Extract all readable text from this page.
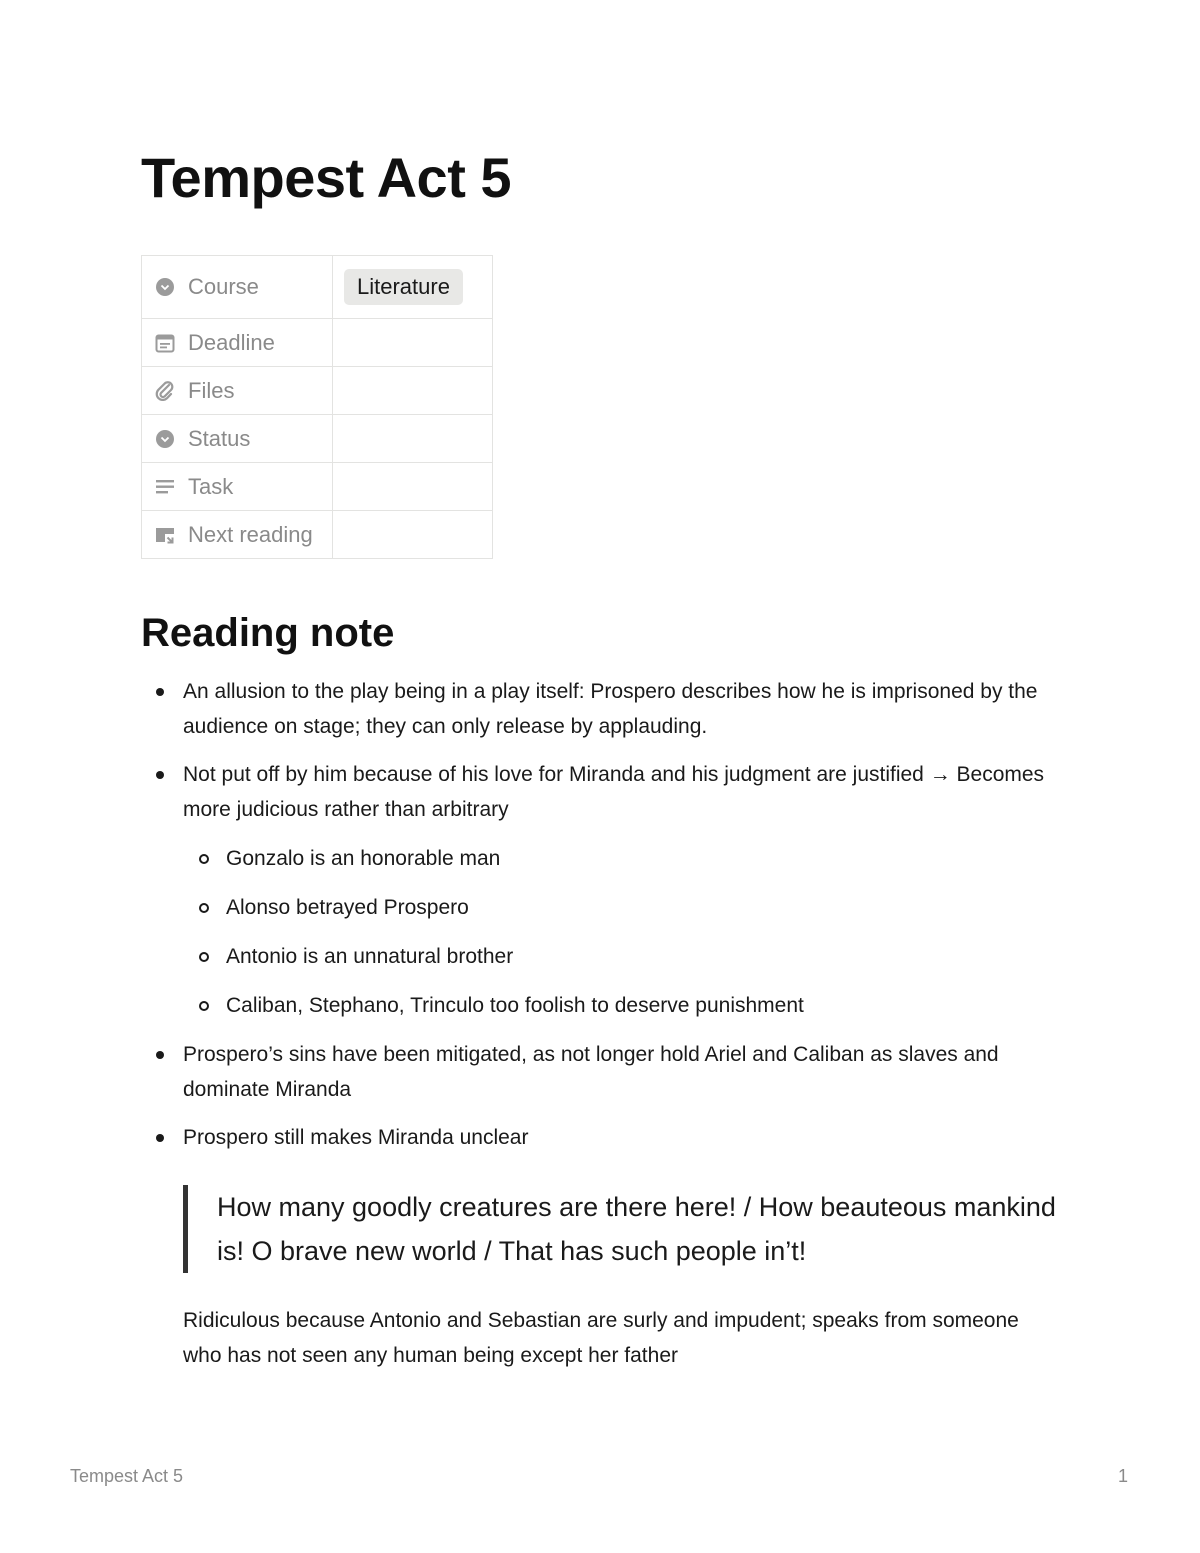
Tempest Act 5
Course	Literature

Deadline	

Files	

Status	

Task	

Next reading	

Reading note
An allusion to the play being in a play itself: Prospero describes how he is imprisoned by the audience on stage; they can only release by applauding.
Not put off by him because of his love for Miranda and his judgment are justified → Becomes more judicious rather than arbitrary
Gonzalo is an honorable man
Alonso betrayed Prospero
Antonio is an unnatural brother
Caliban, Stephano, Trinculo too foolish to deserve punishment
Prospero’s sins have been mitigated, as not longer hold Ariel and Caliban as slaves and dominate Miranda
Prospero still makes Miranda unclear
How many goodly creatures are there here! / How beauteous mankind is! O brave new world / That has such people in’t!
Ridiculous because Antonio and Sebastian are surly and impudent; speaks from someone who has not seen any human being except her father
Tempest Act 5	1
